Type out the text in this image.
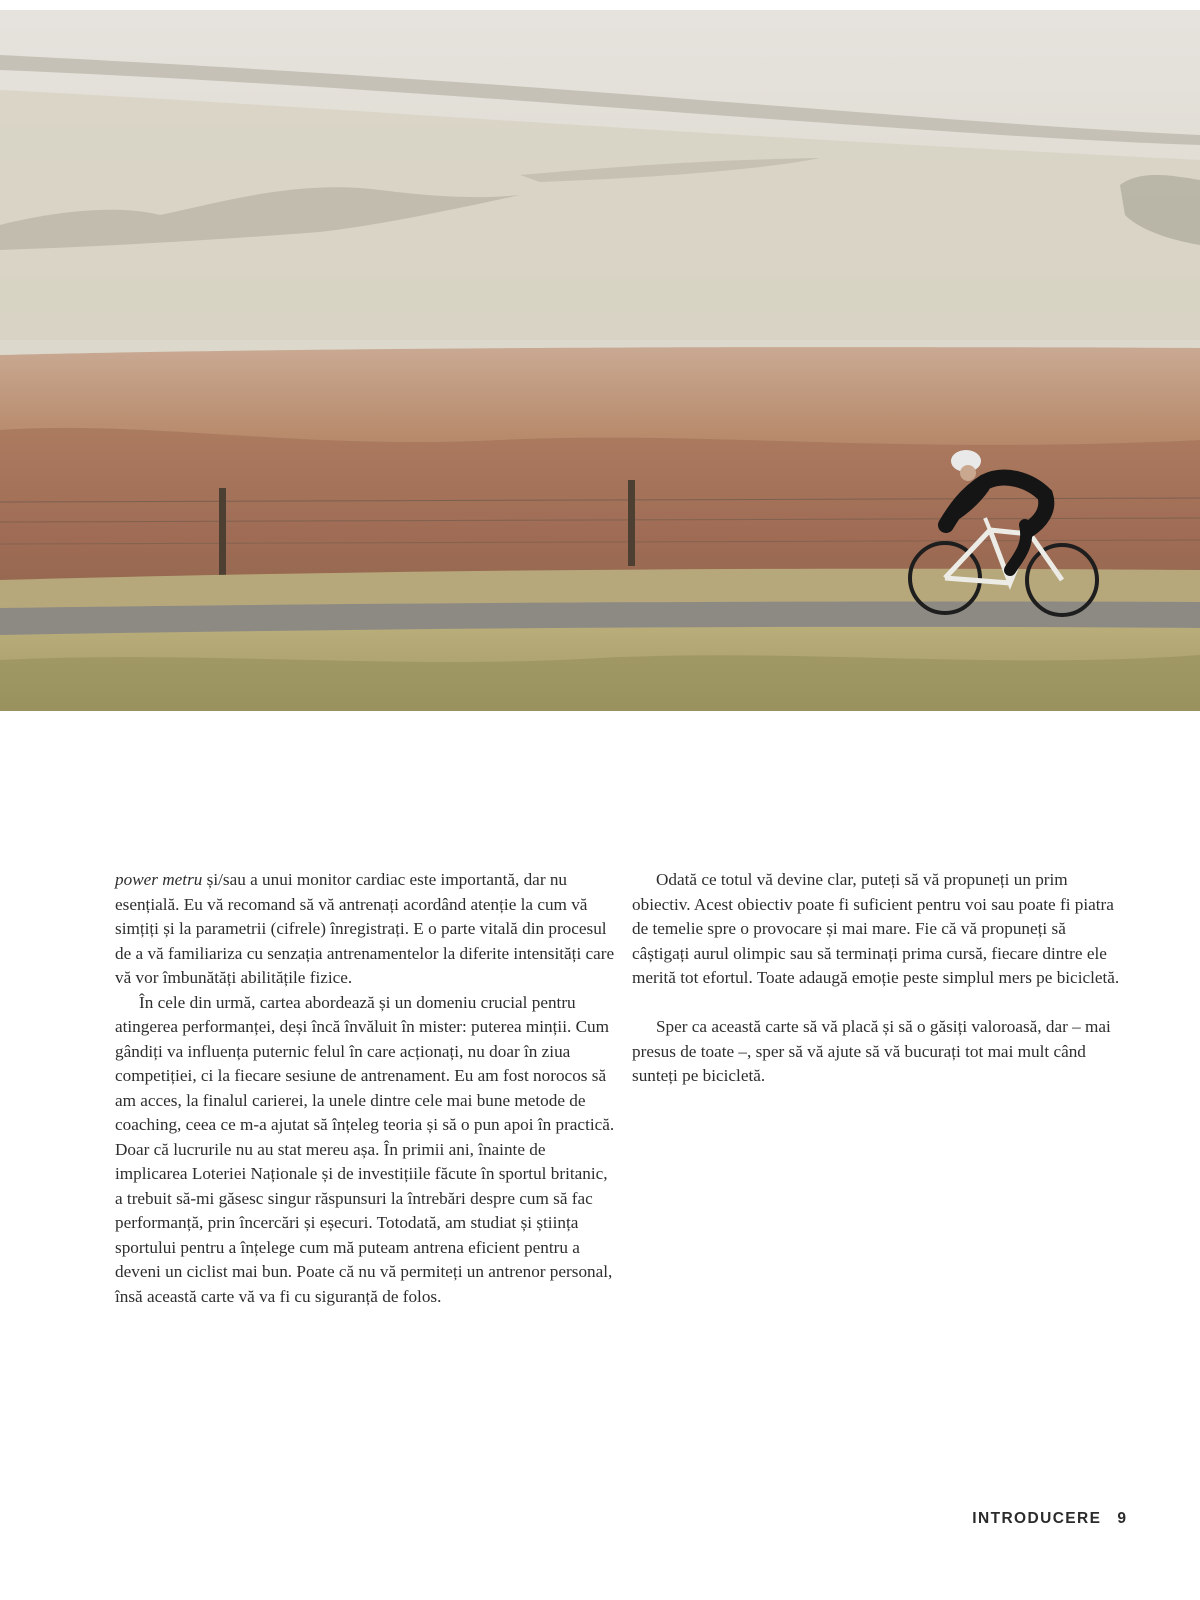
power metru și/sau a unui monitor cardiac este importantă, dar nu esențială. Eu vă recomand să vă antrenați acordând atenție la cum vă simțiți și la parametrii (cifrele) înregistrați. E o parte vitală din procesul de a vă familiariza cu senzația antrenamentelor la diferite intensități care vă vor îmbunătăți abilitățile fizice.

În cele din urmă, cartea abordează și un domeniu crucial pentru atingerea performanței, deși încă învăluit în mister: puterea minții. Cum gândiți va influența puternic felul în care acționați, nu doar în ziua competiției, ci la fiecare sesiune de antrenament. Eu am fost norocos să am acces, la finalul carierei, la unele dintre cele mai bune metode de coaching, ceea ce m-a ajutat să înțeleg teoria și să o pun apoi în practică. Doar că lucrurile nu au stat mereu așa. În primii ani, înainte de implicarea Loteriei Naționale și de investițiile făcute în sportul britanic, a trebuit să-mi găsesc singur răspunsuri la întrebări despre cum să fac performanță, prin încercări și eșecuri. Totodată, am studiat și știința sportului pentru a înțelege cum mă puteam antrena eficient pentru a deveni un ciclist mai bun. Poate că nu vă permiteți un antrenor personal, însă această carte vă va fi cu siguranță de folos.

Odată ce totul vă devine clar, puteți să vă propuneți un prim obiectiv. Acest obiectiv poate fi suficient pentru voi sau poate fi piatra de temelie spre o provocare și mai mare. Fie că vă propuneți să câștigați aurul olimpic sau să terminați prima cursă, fiecare dintre ele merită tot efortul. Toate adaugă emoție peste simplul mers pe bicicletă.

Sper ca această carte să vă placă și să o găsiți valoroasă, dar – mai presus de toate –, sper să vă ajute să vă bucurați tot mai mult când sunteți pe bicicletă.

INTRODUCERE 9
